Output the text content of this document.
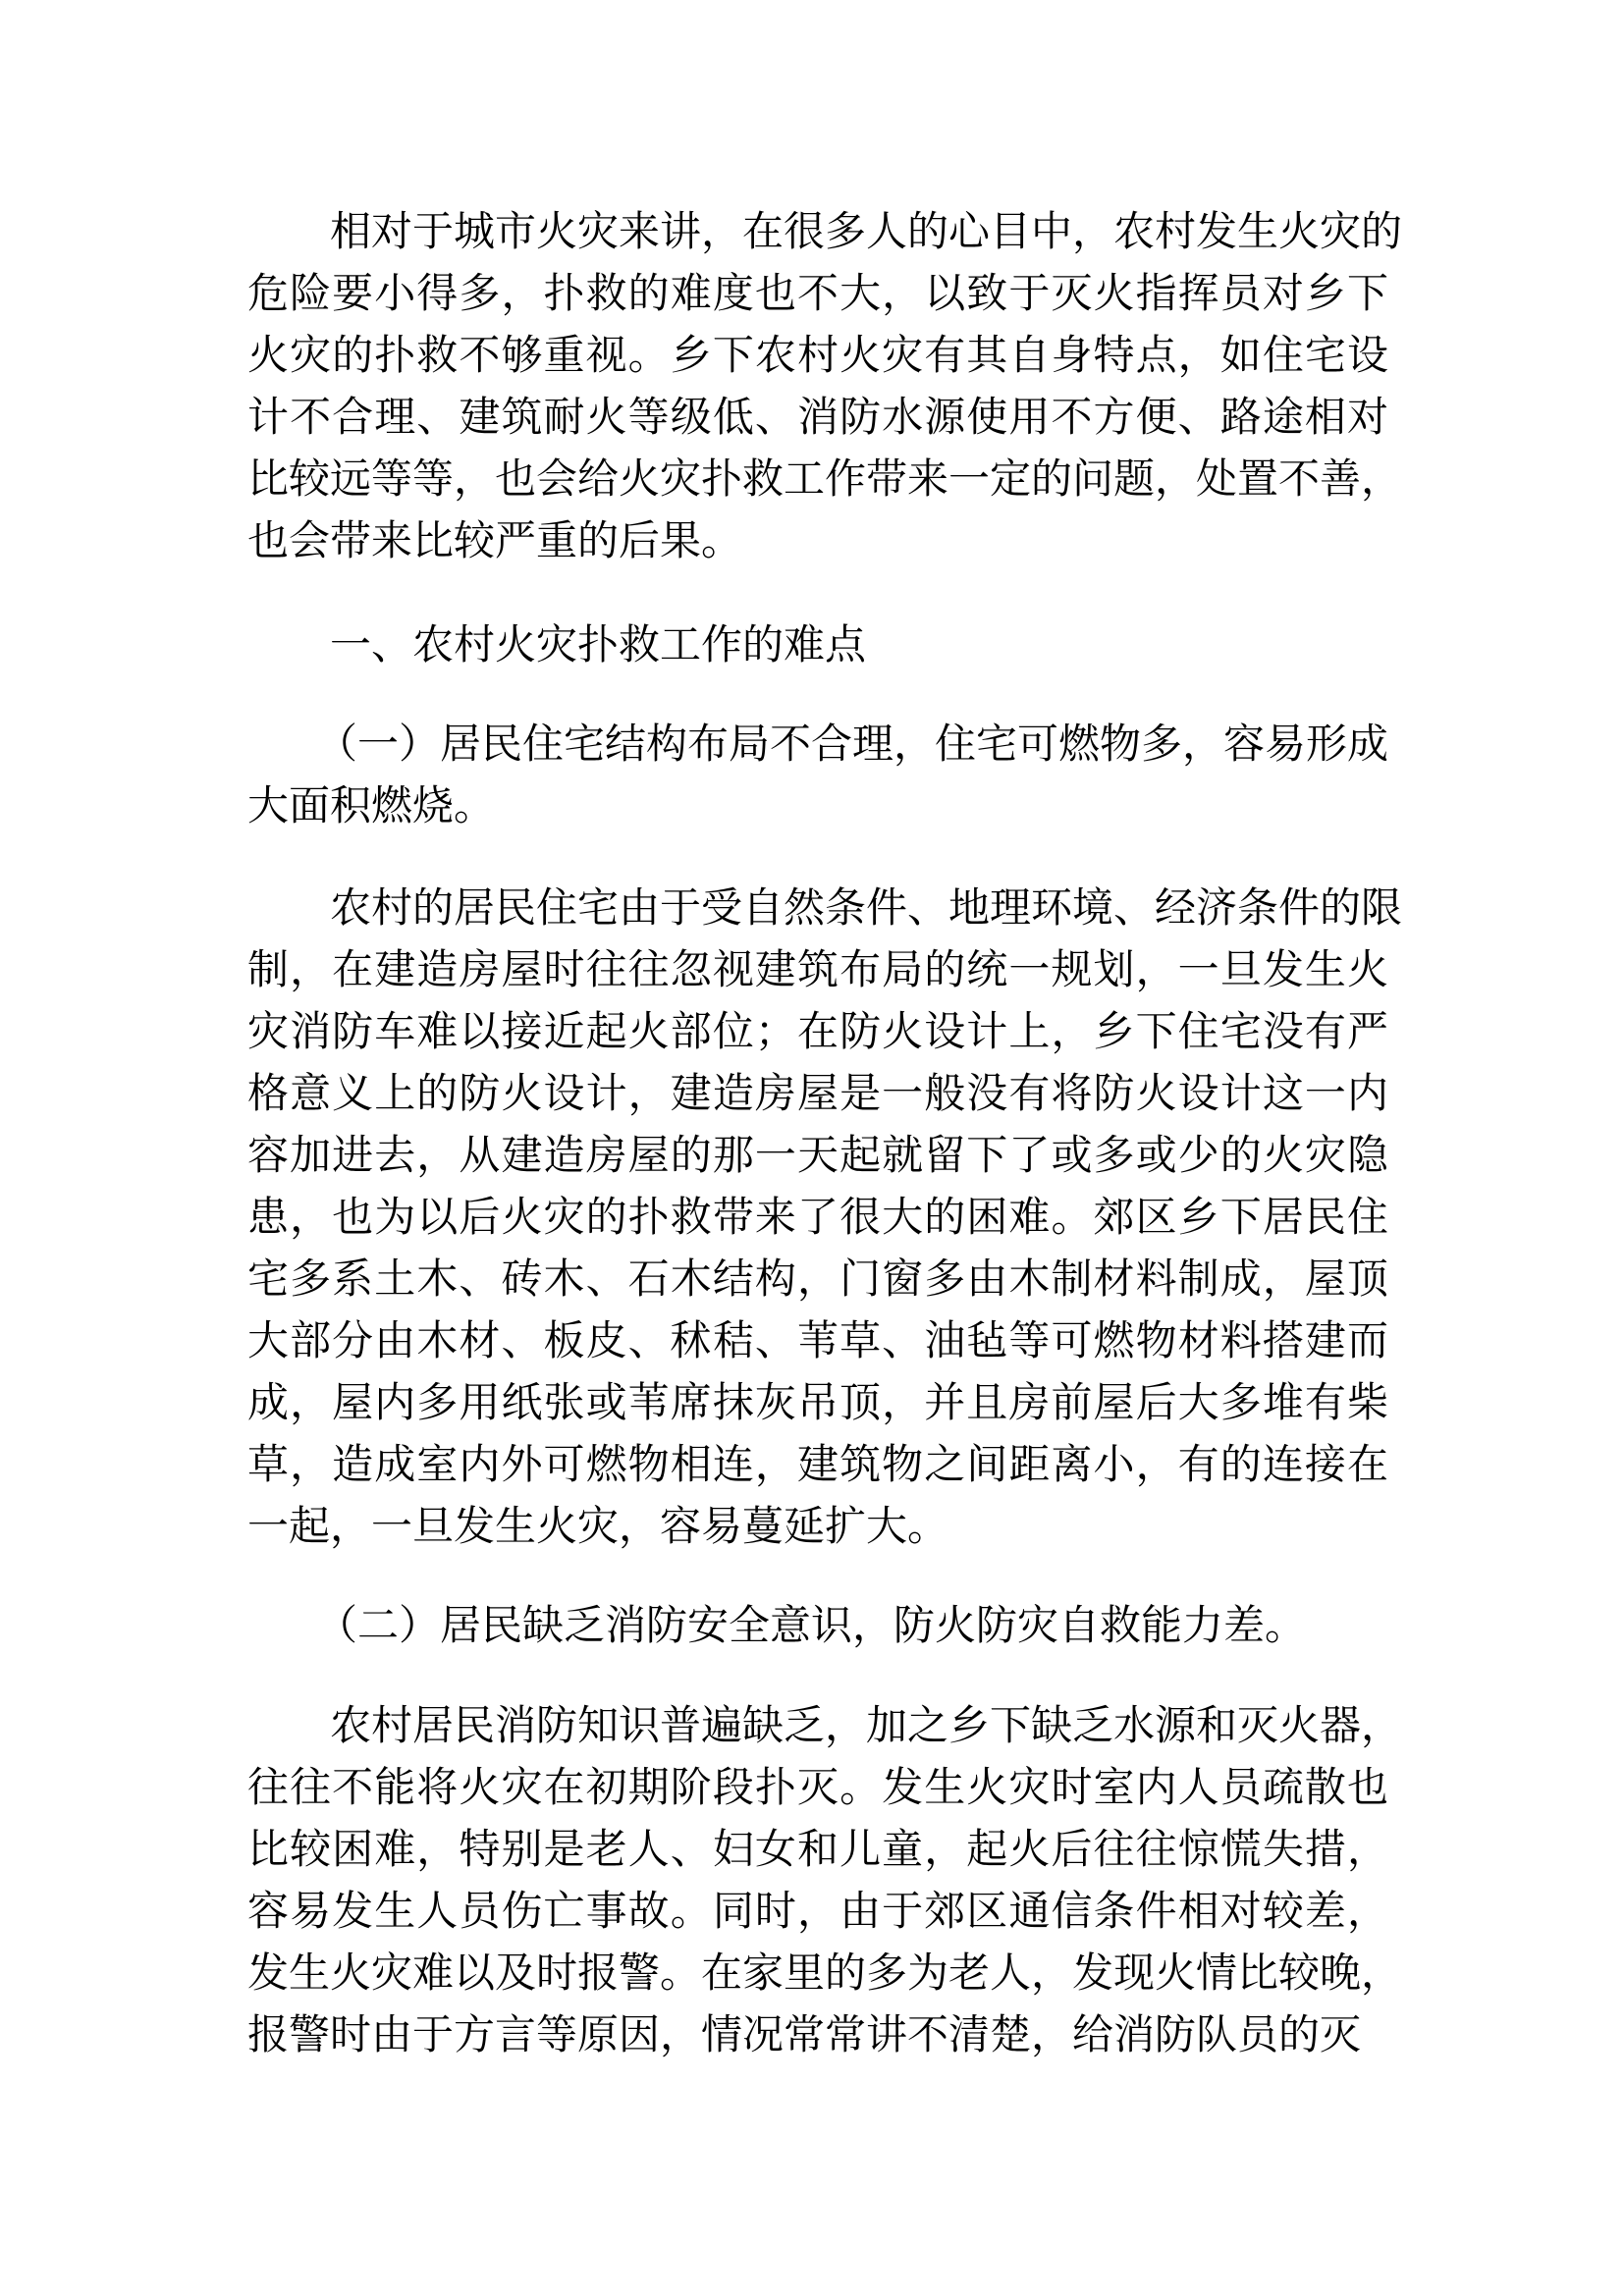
相对于城市火灾来讲，在很多人的心目中，农村发生火灾的
危险要小得多，扑救的难度也不大，以致于灭火指挥员对乡下
火灾的扑救不够重视。乡下农村火灾有其自身特点，如住宅设
计不合理、建筑耐火等级低、消防水源使用不方便、路途相对
比较远等等，也会给火灾扑救工作带来一定的问题，处置不善，
也会带来比较严重的后果。
一、农村火灾扑救工作的难点
（一）居民住宅结构布局不合理，住宅可燃物多，容易形成
大面积燃烧。
农村的居民住宅由于受自然条件、地理环境、经济条件的限
制，在建造房屋时往往忽视建筑布局的统一规划，一旦发生火
灾消防车难以接近起火部位；在防火设计上，乡下住宅没有严
格意义上的防火设计，建造房屋是一般没有将防火设计这一内
容加进去，从建造房屋的那一天起就留下了或多或少的火灾隐
患，也为以后火灾的扑救带来了很大的困难。郊区乡下居民住
宅多系土木、砖木、石木结构，门窗多由木制材料制成，屋顶
大部分由木材、板皮、秫秸、苇草、油毡等可燃物材料搭建而
成，屋内多用纸张或苇席抹灰吊顶，并且房前屋后大多堆有柴
草，造成室内外可燃物相连，建筑物之间距离小，有的连接在
一起，一旦发生火灾，容易蔓延扩大。
（二）居民缺乏消防安全意识，防火防灾自救能力差。
农村居民消防知识普遍缺乏，加之乡下缺乏水源和灭火器，
往往不能将火灾在初期阶段扑灭。发生火灾时室内人员疏散也
比较困难，特别是老人、妇女和儿童，起火后往往惊慌失措，
容易发生人员伤亡事故。同时，由于郊区通信条件相对较差，
发生火灾难以及时报警。在家里的多为老人，发现火情比较晚，
报警时由于方言等原因，情况常常讲不清楚，给消防队员的灭
